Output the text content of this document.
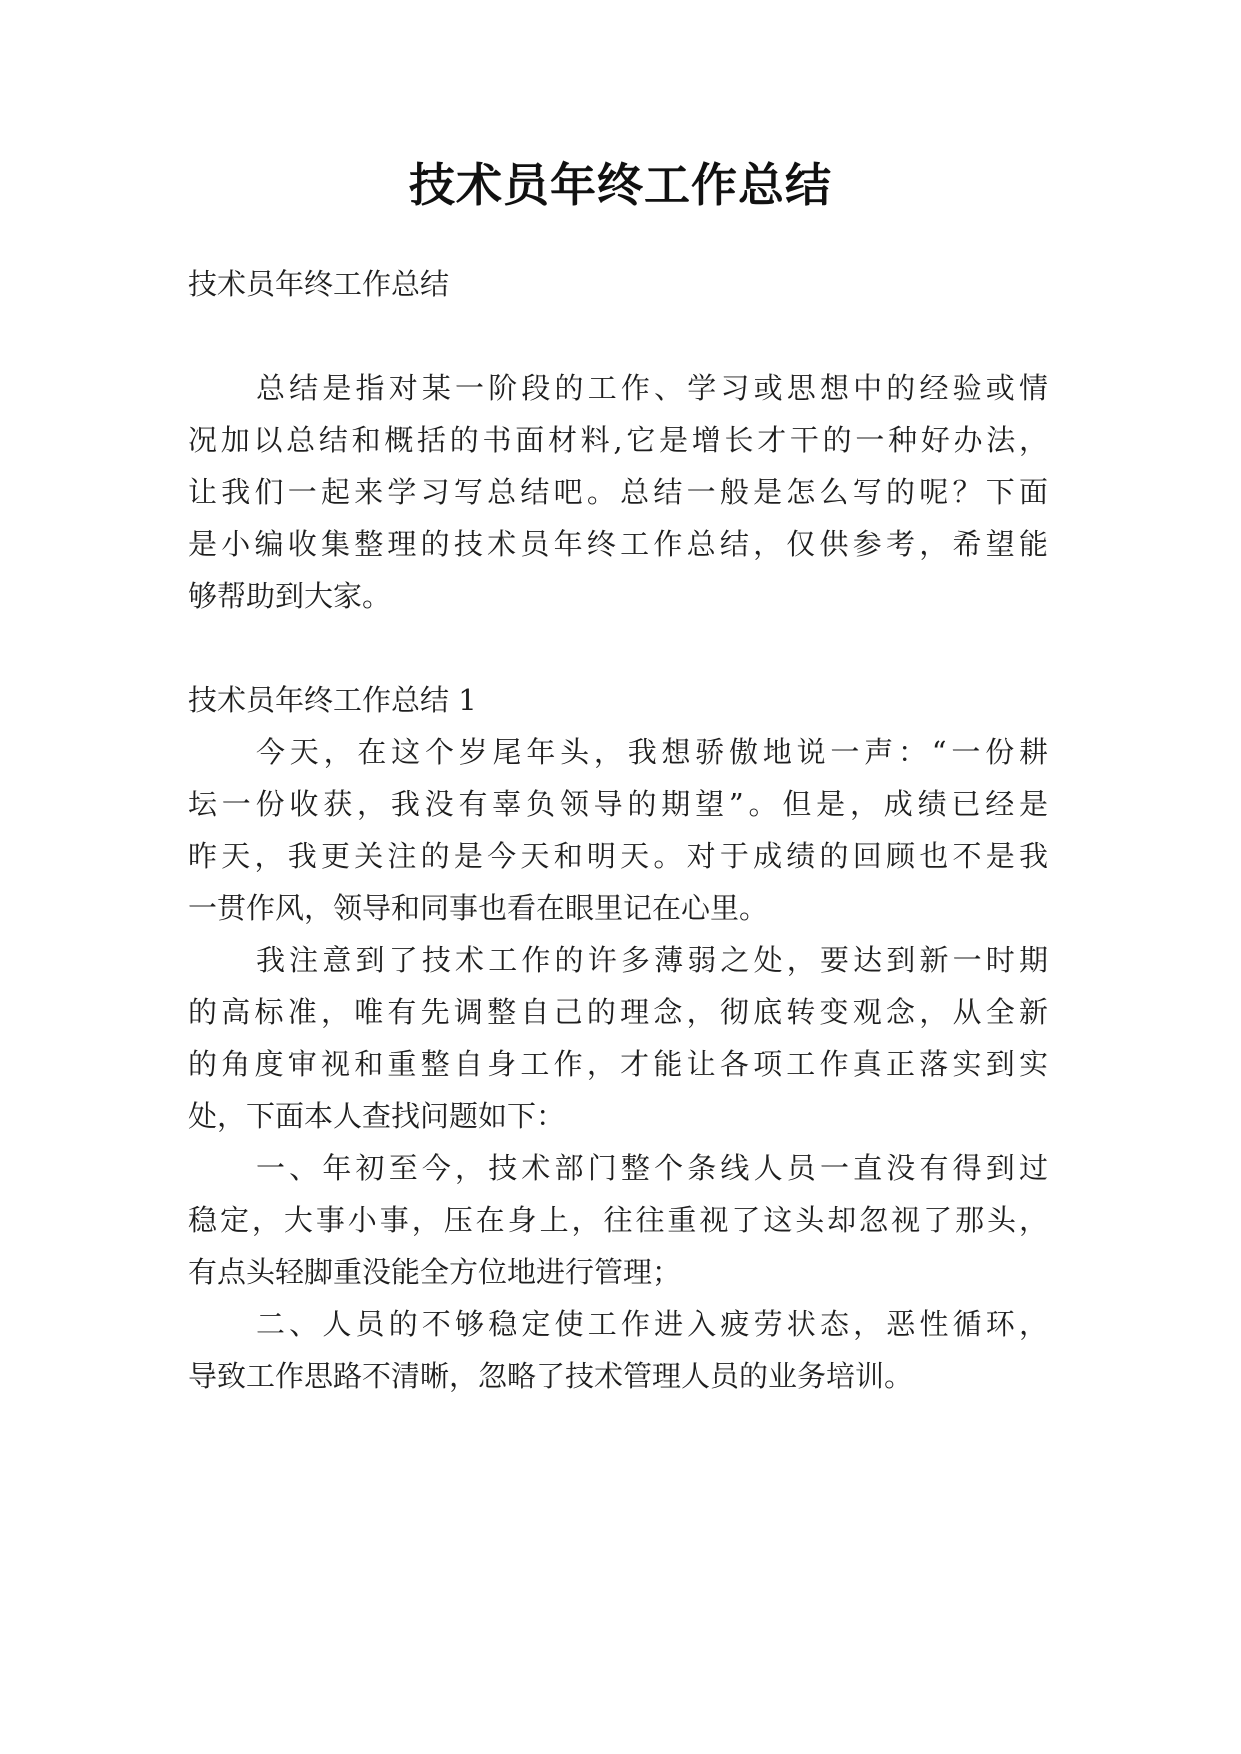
技术员年终工作总结
技术员年终工作总结
总结是指对某一阶段的工作、学习或思想中的经验或情
况加以总结和概括的书面材料,它是增长才干的一种好办法，
让我们一起来学习写总结吧。总结一般是怎么写的呢？下面
是小编收集整理的技术员年终工作总结，仅供参考，希望能
够帮助到大家。
技术员年终工作总结 1
今天，在这个岁尾年头，我想骄傲地说一声：“一份耕
坛一份收获，我没有辜负领导的期望”。但是，成绩已经是
昨天，我更关注的是今天和明天。对于成绩的回顾也不是我
一贯作风，领导和同事也看在眼里记在心里。
我注意到了技术工作的许多薄弱之处，要达到新一时期
的高标准，唯有先调整自己的理念，彻底转变观念，从全新
的角度审视和重整自身工作，才能让各项工作真正落实到实
处，下面本人查找问题如下：
一、年初至今，技术部门整个条线人员一直没有得到过
稳定，大事小事，压在身上，往往重视了这头却忽视了那头，
有点头轻脚重没能全方位地进行管理；
二、人员的不够稳定使工作进入疲劳状态，恶性循环，
导致工作思路不清晰，忽略了技术管理人员的业务培训。
